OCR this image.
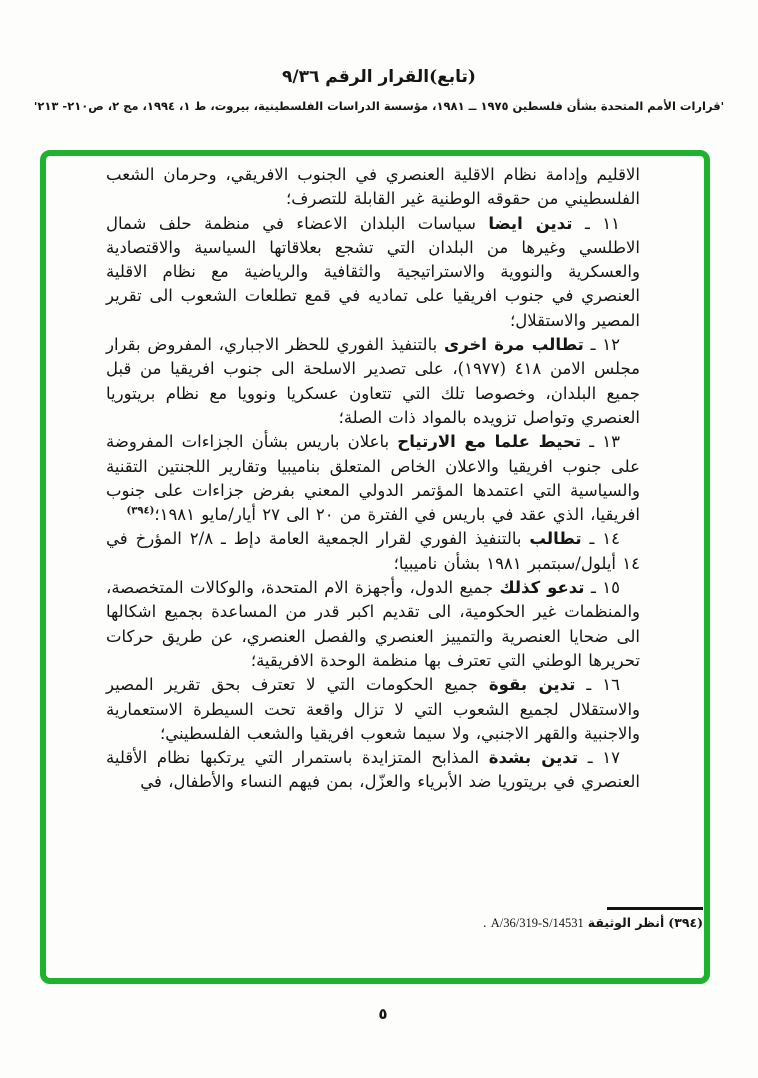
(تابع)القرار الرقم ٩/٣٦
'قرارات الأمم المتحدة بشأن فلسطين ١٩٧٥ ــ ١٩٨١، مؤسسة الدراسات الفلسطينية، بيروت، ط ١، ١٩٩٤، مج ٢، ص٢١٠- ٢١٣'

الاقليم وإدامة نظام الاقلية العنصري في الجنوب الافريقي، وحرمان الشعب الفلسطيني من حقوقه الوطنية غير القابلة للتصرف؛

١١ ـ تدين ايضا سياسات البلدان الاعضاء في منظمة حلف شمال الاطلسي وغيرها من البلدان التي تشجع بعلاقاتها السياسية والاقتصادية والعسكرية والنووية والاستراتيجية والثقافية والرياضية مع نظام الاقلية العنصري في جنوب افريقيا على تماديه في قمع تطلعات الشعوب الى تقرير المصير والاستقلال؛

١٢ ـ تطالب مرة اخرى بالتنفيذ الفوري للحظر الاجباري، المفروض بقرار مجلس الامن ٤١٨ (١٩٧٧)، على تصدير الاسلحة الى جنوب افريقيا من قبل جميع البلدان، وخصوصا تلك التي تتعاون عسكريا ونوويا مع نظام بريتوريا العنصري وتواصل تزويده بالمواد ذات الصلة؛

١٣ ـ تحيط علما مع الارتياح باعلان باريس بشأن الجزاءات المفروضة على جنوب افريقيا والاعلان الخاص المتعلق بناميبيا وتقارير اللجنتين التقنية والسياسية التي اعتمدها المؤتمر الدولي المعني بفرض جزاءات على جنوب افريقيا، الذي عقد في باريس في الفترة من ٢٠ الى ٢٧ أيار/مايو ١٩٨١؛$^{(٣٩٤)}$

١٤ ـ تطالب بالتنفيذ الفوري لقرار الجمعية العامة دإط ـ ٢/٨ المؤرخ في ١٤ أيلول/سبتمبر ١٩٨١ بشأن ناميبيا؛

١٥ ـ تدعو كذلك جميع الدول، وأجهزة الام المتحدة، والوكالات المتخصصة، والمنظمات غير الحكومية، الى تقديم اكبر قدر من المساعدة بجميع اشكالها الى ضحايا العنصرية والتمييز العنصري والفصل العنصري، عن طريق حركات تحريرها الوطني التي تعترف بها منظمة الوحدة الافريقية؛

١٦ ـ تدين بقوة جميع الحكومات التي لا تعترف بحق تقرير المصير والاستقلال لجميع الشعوب التي لا تزال واقعة تحت السيطرة الاستعمارية والاجنبية والقهر الاجنبي، ولا سيما شعوب افريقيا والشعب الفلسطيني؛

١٧ ـ تدين بشدة المذابح المتزايدة باستمرار التي يرتكبها نظام الأقلية العنصري في بريتوريا ضد الأبرياء والعزّل، بمن فيهم النساء والأطفال، في

(٣٩٤) أنظر الوثيقة A/36/319-S/14531 .
٥
